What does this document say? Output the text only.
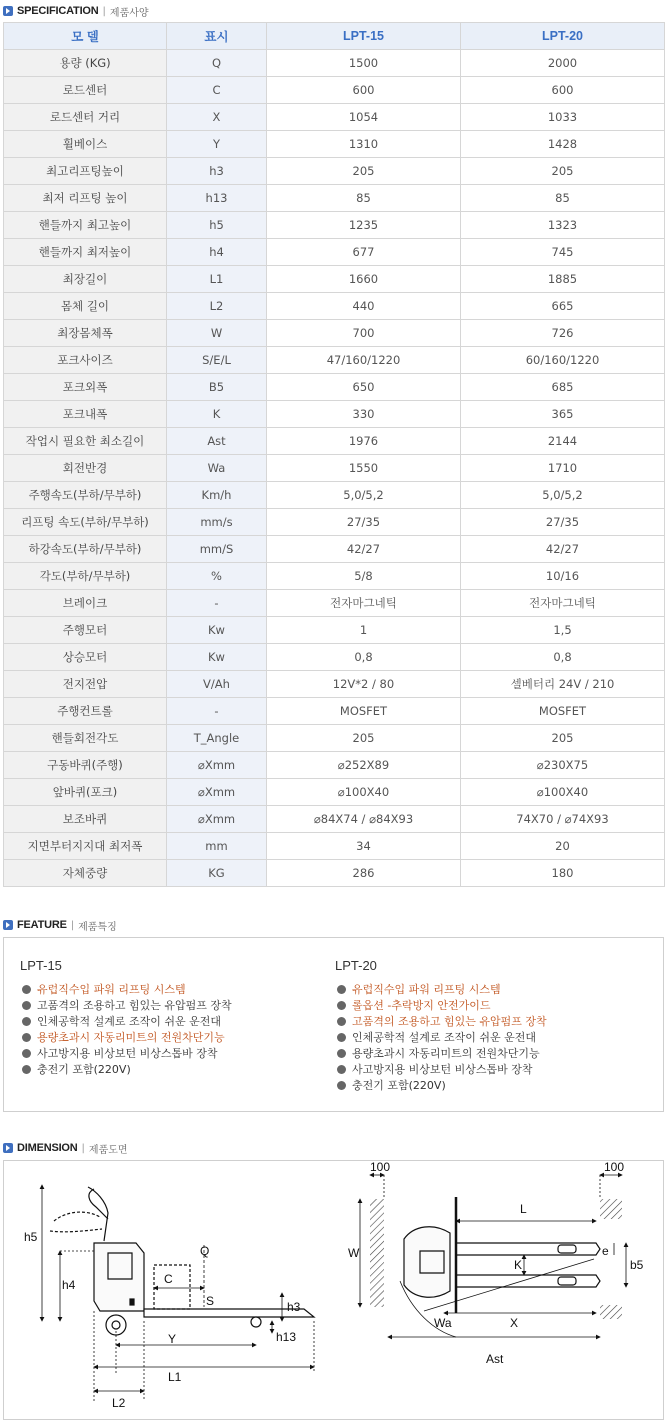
SPECIFICATION | 제품사양
모 델	표시	LPT-15	LPT-20
용량 (KG)	Q	1500	2000
로드센터	C	600	600
로드센터 거리	X	1054	1033
휠베이스	Y	1310	1428
최고리프팅높이	h3	205	205
최저 리프팅 높이	h13	85	85
핸들까지 최고높이	h5	1235	1323
핸들까지 최저높이	h4	677	745
최장길이	L1	1660	1885
몸체 길이	L2	440	665
최장몸체폭	W	700	726
포크사이즈	S/E/L	47/160/1220	60/160/1220
포크외폭	B5	650	685
포크내폭	K	330	365
작업시 필요한 최소길이	Ast	1976	2144
회전반경	Wa	1550	1710
주행속도(부하/무부하)	Km/h	5,0/5,2	5,0/5,2
리프팅 속도(부하/무부하)	mm/s	27/35	27/35
하강속도(부하/무부하)	mm/S	42/27	42/27
각도(부하/무부하)	%	5/8	10/16
브레이크	-	전자마그네틱	전자마그네틱
주행모터	Kw	1	1,5
상승모터	Kw	0,8	0,8
전지전압	V/Ah	12V*2 / 80	셀베터리 24V / 210
주행컨트롤	-	MOSFET	MOSFET
핸들회전각도	T_Angle	205	205
구동바퀴(주행)	⌀Xmm	⌀252X89	⌀230X75
앞바퀴(포크)	⌀Xmm	⌀100X40	⌀100X40
보조바퀴	⌀Xmm	⌀84X74 / ⌀84X93	74X70 / ⌀74X93
지면부터지지대 최저폭	mm	34	20
자체중량	KG	286	180
FEATURE | 제품특징
LPT-15
유럽직수입 파워 리프팅 시스템
고품격의 조용하고 힘있는 유압펌프 장착
인체공학적 설계로 조작이 쉬운 운전대
용량초과시 자동리미트의 전원차단기능
사고방지용 비상보턴 비상스톱바 장착
충전기 포함(220V)
LPT-20
유럽직수입 파워 리프팅 시스템
롤옵션 -추락방지 안전가이드
고품격의 조용하고 힘있는 유압펌프 장착
인체공학적 설계로 조작이 쉬운 운전대
용량초과시 자동리미트의 전원차단기능
사고방지용 비상보턴 비상스톱바 장착
충전기 포함(220V)
DIMENSION | 제품도면
h5
h4
Q
C
S	h3
h13
Y
L1
L2
100	100
L
W	e
K	b5
Wa	X
Ast
